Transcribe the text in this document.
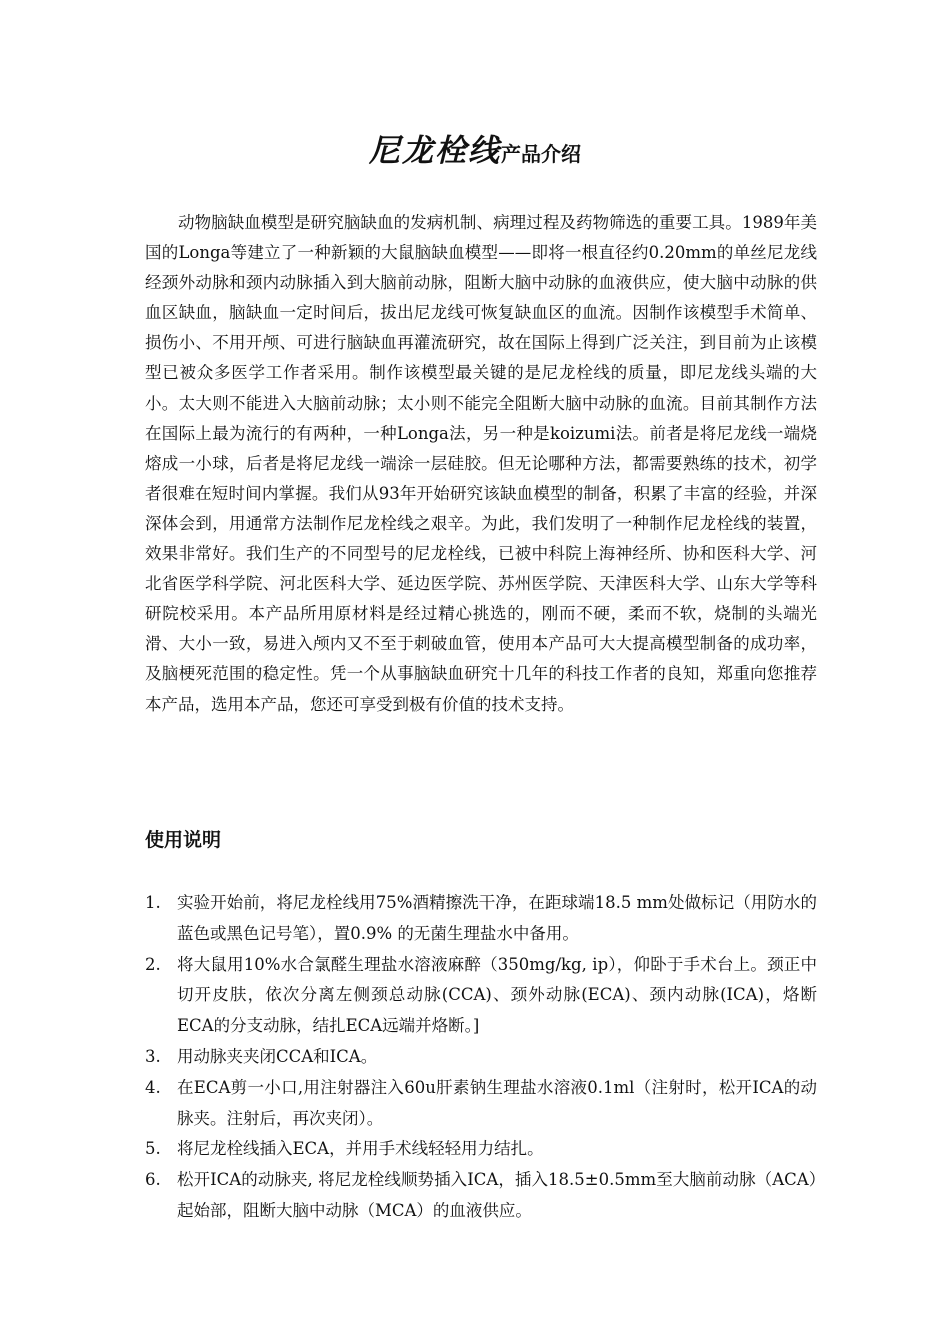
尼龙栓线产品介绍

动物脑缺血模型是研究脑缺血的发病机制、病理过程及药物筛选的重要工具。1989年美国的Longa等建立了一种新颖的大鼠脑缺血模型——即将一根直径约0.20mm的单丝尼龙线经颈外动脉和颈内动脉插入到大脑前动脉，阻断大脑中动脉的血液供应，使大脑中动脉的供血区缺血，脑缺血一定时间后，拔出尼龙线可恢复缺血区的血流。因制作该模型手术简单、损伤小、不用开颅、可进行脑缺血再灌流研究，故在国际上得到广泛关注，到目前为止该模型已被众多医学工作者采用。制作该模型最关键的是尼龙栓线的质量，即尼龙线头端的大小。太大则不能进入大脑前动脉；太小则不能完全阻断大脑中动脉的血流。目前其制作方法在国际上最为流行的有两种，一种Longa法，另一种是koizumi法。前者是将尼龙线一端烧熔成一小球，后者是将尼龙线一端涂一层硅胶。但无论哪种方法，都需要熟练的技术，初学者很难在短时间内掌握。我们从93年开始研究该缺血模型的制备，积累了丰富的经验，并深深体会到，用通常方法制作尼龙栓线之艰辛。为此，我们发明了一种制作尼龙栓线的装置，效果非常好。我们生产的不同型号的尼龙栓线，已被中科院上海神经所、协和医科大学、河北省医学科学院、河北医科大学、延边医学院、苏州医学院、天津医科大学、山东大学等科研院校采用。本产品所用原材料是经过精心挑选的，刚而不硬，柔而不软，烧制的头端光滑、大小一致，易进入颅内又不至于刺破血管，使用本产品可大大提高模型制备的成功率，及脑梗死范围的稳定性。凭一个从事脑缺血研究十几年的科技工作者的良知，郑重向您推荐本产品，选用本产品，您还可享受到极有价值的技术支持。

使用说明
1. 实验开始前，将尼龙栓线用75%酒精擦洗干净，在距球端18.5 mm处做标记（用防水的蓝色或黑色记号笔），置0.9% 的无菌生理盐水中备用。
2. 将大鼠用10%水合氯醛生理盐水溶液麻醉（350mg/kg, ip），仰卧于手术台上。颈正中切开皮肤，依次分离左侧颈总动脉(CCA)、颈外动脉(ECA)、颈内动脉(ICA)，烙断ECA的分支动脉，结扎ECA远端并烙断。]
3. 用动脉夹夹闭CCA和ICA。
4. 在ECA剪一小口,用注射器注入60u肝素钠生理盐水溶液0.1ml（注射时，松开ICA的动脉夹。注射后，再次夹闭）。
5. 将尼龙栓线插入ECA，并用手术线轻轻用力结扎。
6. 松开ICA的动脉夹, 将尼龙栓线顺势插入ICA，插入18.5±0.5mm至大脑前动脉（ACA）起始部，阻断大脑中动脉（MCA）的血液供应。
